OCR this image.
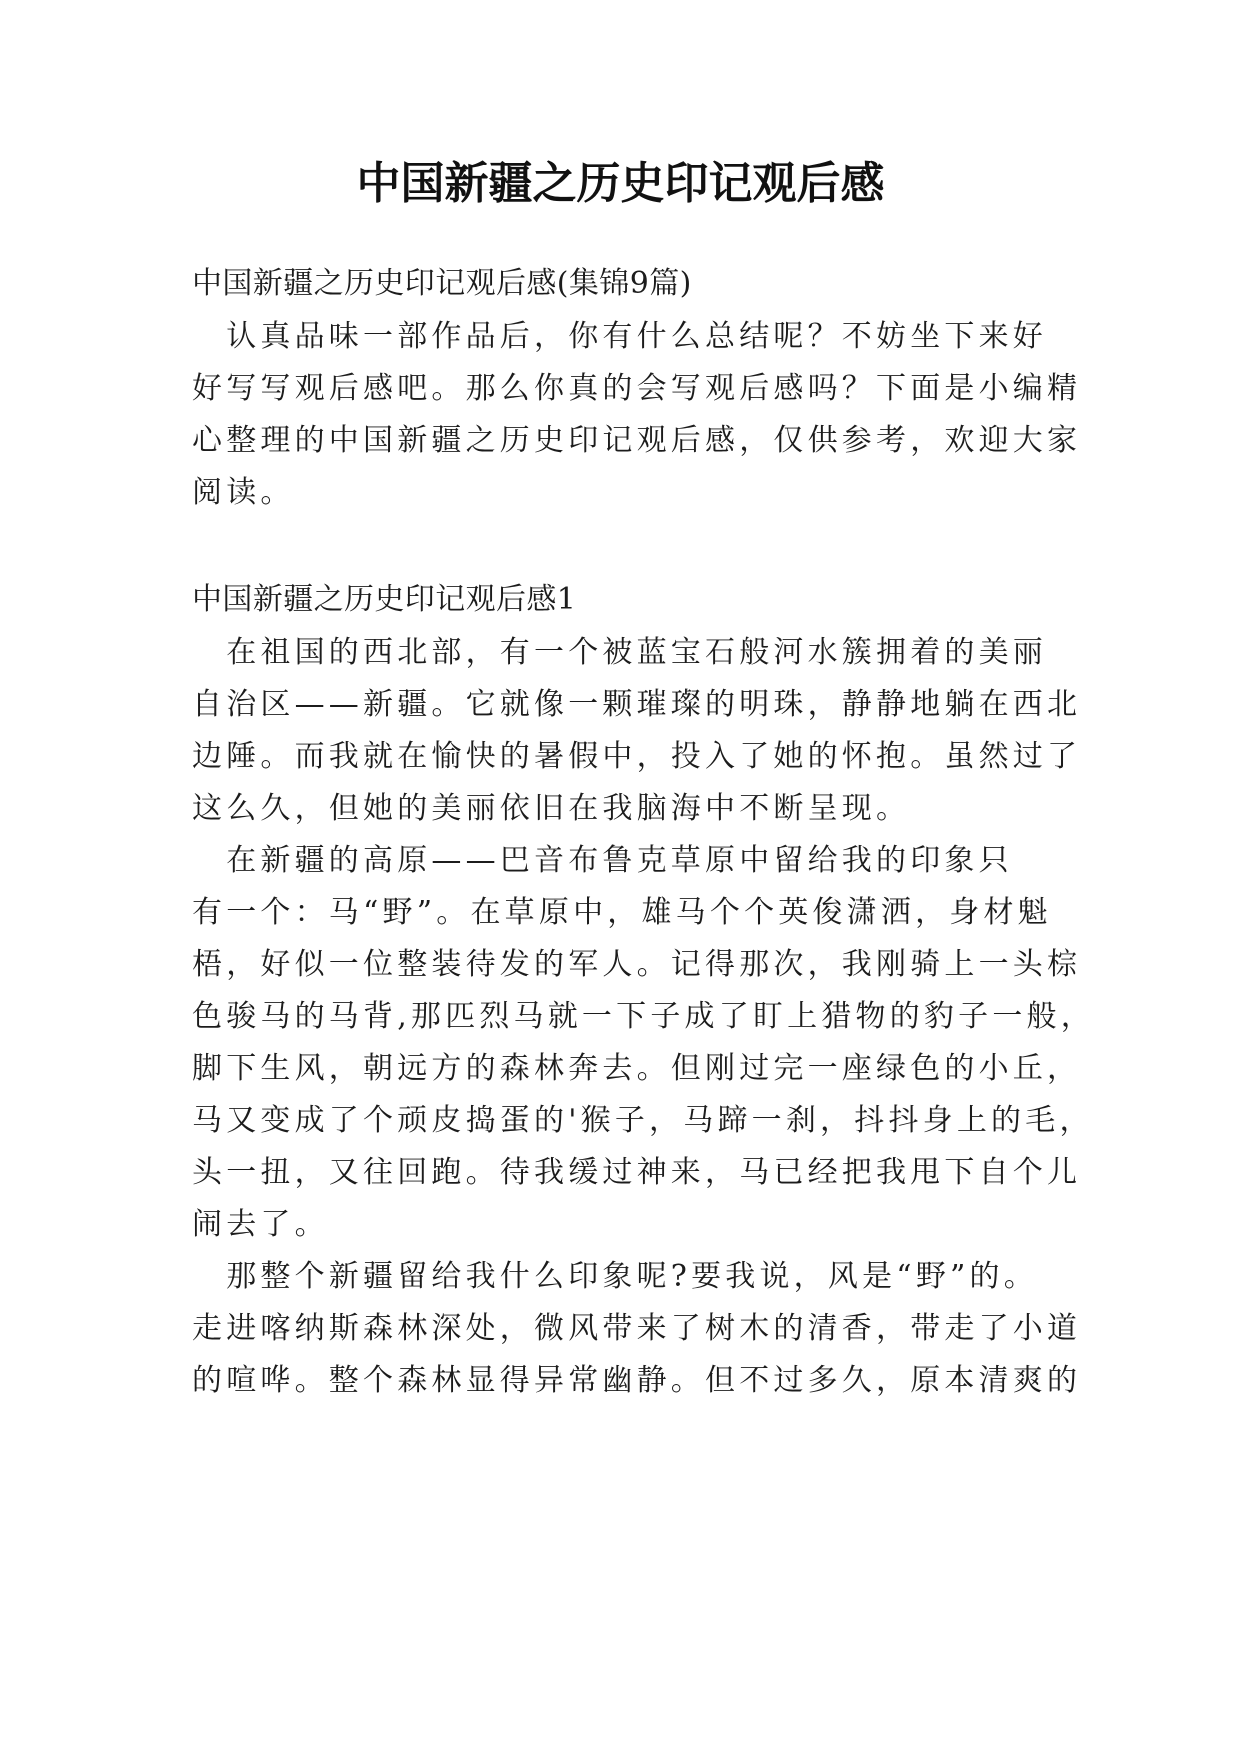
中国新疆之历史印记观后感
中国新疆之历史印记观后感(集锦9篇)
　认真品味一部作品后，你有什么总结呢？不妨坐下来好
好写写观后感吧。那么你真的会写观后感吗？下面是小编精
心整理的中国新疆之历史印记观后感，仅供参考，欢迎大家
阅读。
中国新疆之历史印记观后感1
　在祖国的西北部，有一个被蓝宝石般河水簇拥着的美丽
自治区——新疆。它就像一颗璀璨的明珠，静静地躺在西北
边陲。而我就在愉快的暑假中，投入了她的怀抱。虽然过了
这么久，但她的美丽依旧在我脑海中不断呈现。
　在新疆的高原——巴音布鲁克草原中留给我的印象只
有一个：马“野”。在草原中，雄马个个英俊潇洒，身材魁
梧，好似一位整装待发的军人。记得那次，我刚骑上一头棕
色骏马的马背,那匹烈马就一下子成了盯上猎物的豹子一般，
脚下生风，朝远方的森林奔去。但刚过完一座绿色的小丘，
马又变成了个顽皮捣蛋的'猴子，马蹄一刹，抖抖身上的毛，
头一扭，又往回跑。待我缓过神来，马已经把我甩下自个儿
闹去了。
　那整个新疆留给我什么印象呢?要我说，风是“野”的。
走进喀纳斯森林深处，微风带来了树木的清香，带走了小道
的喧哗。整个森林显得异常幽静。但不过多久，原本清爽的
